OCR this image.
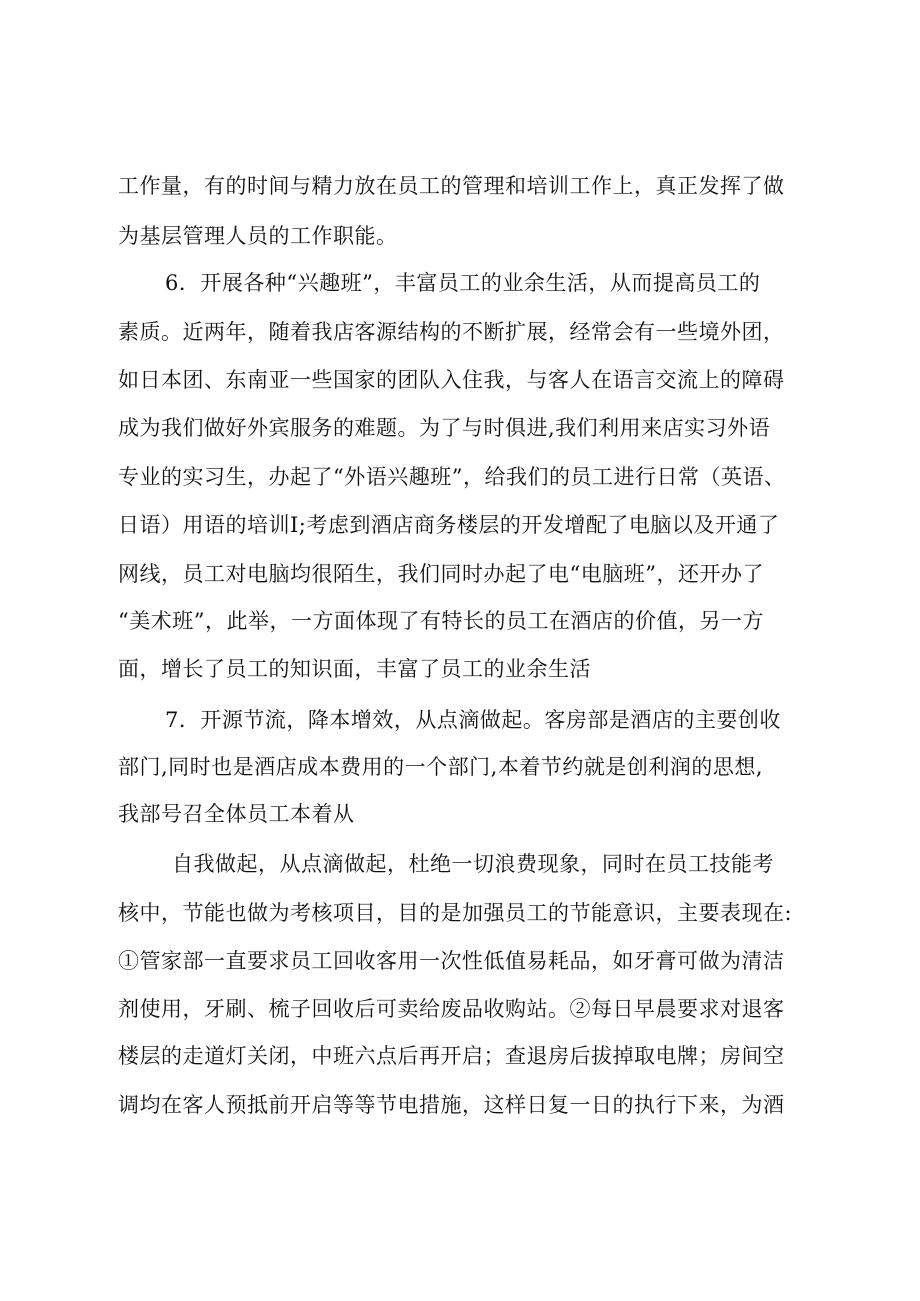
工作量，有的时间与精力放在员工的管理和培训工作上，真正发挥了做
为基层管理人员的工作职能。
6．开展各种“兴趣班”，丰富员工的业余生活，从而提高员工的
素质。近两年，随着我店客源结构的不断扩展，经常会有一些境外团，
如日本团、东南亚一些国家的团队入住我，与客人在语言交流上的障碍
成为我们做好外宾服务的难题。为了与时俱进,我们利用来店实习外语
专业的实习生，办起了“外语兴趣班”，给我们的员工进行日常（英语、
日语）用语的培训I;考虑到酒店商务楼层的开发增配了电脑以及开通了
网线，员工对电脑均很陌生，我们同时办起了电“电脑班”，还开办了
“美术班”，此举，一方面体现了有特长的员工在酒店的价值，另一方
面，增长了员工的知识面，丰富了员工的业余生活
7．开源节流，降本增效，从点滴做起。客房部是酒店的主要创收
部门,同时也是酒店成本费用的一个部门,本着节约就是创利润的思想,
我部号召全体员工本着从
自我做起，从点滴做起，杜绝一切浪费现象，同时在员工技能考
核中，节能也做为考核项目，目的是加强员工的节能意识，主要表现在:
①管家部一直要求员工回收客用一次性低值易耗品，如牙膏可做为清洁
剂使用，牙刷、梳子回收后可卖给废品收购站。②每日早晨要求对退客
楼层的走道灯关闭，中班六点后再开启；查退房后拔掉取电牌；房间空
调均在客人预抵前开启等等节电措施，这样日复一日的执行下来，为酒
